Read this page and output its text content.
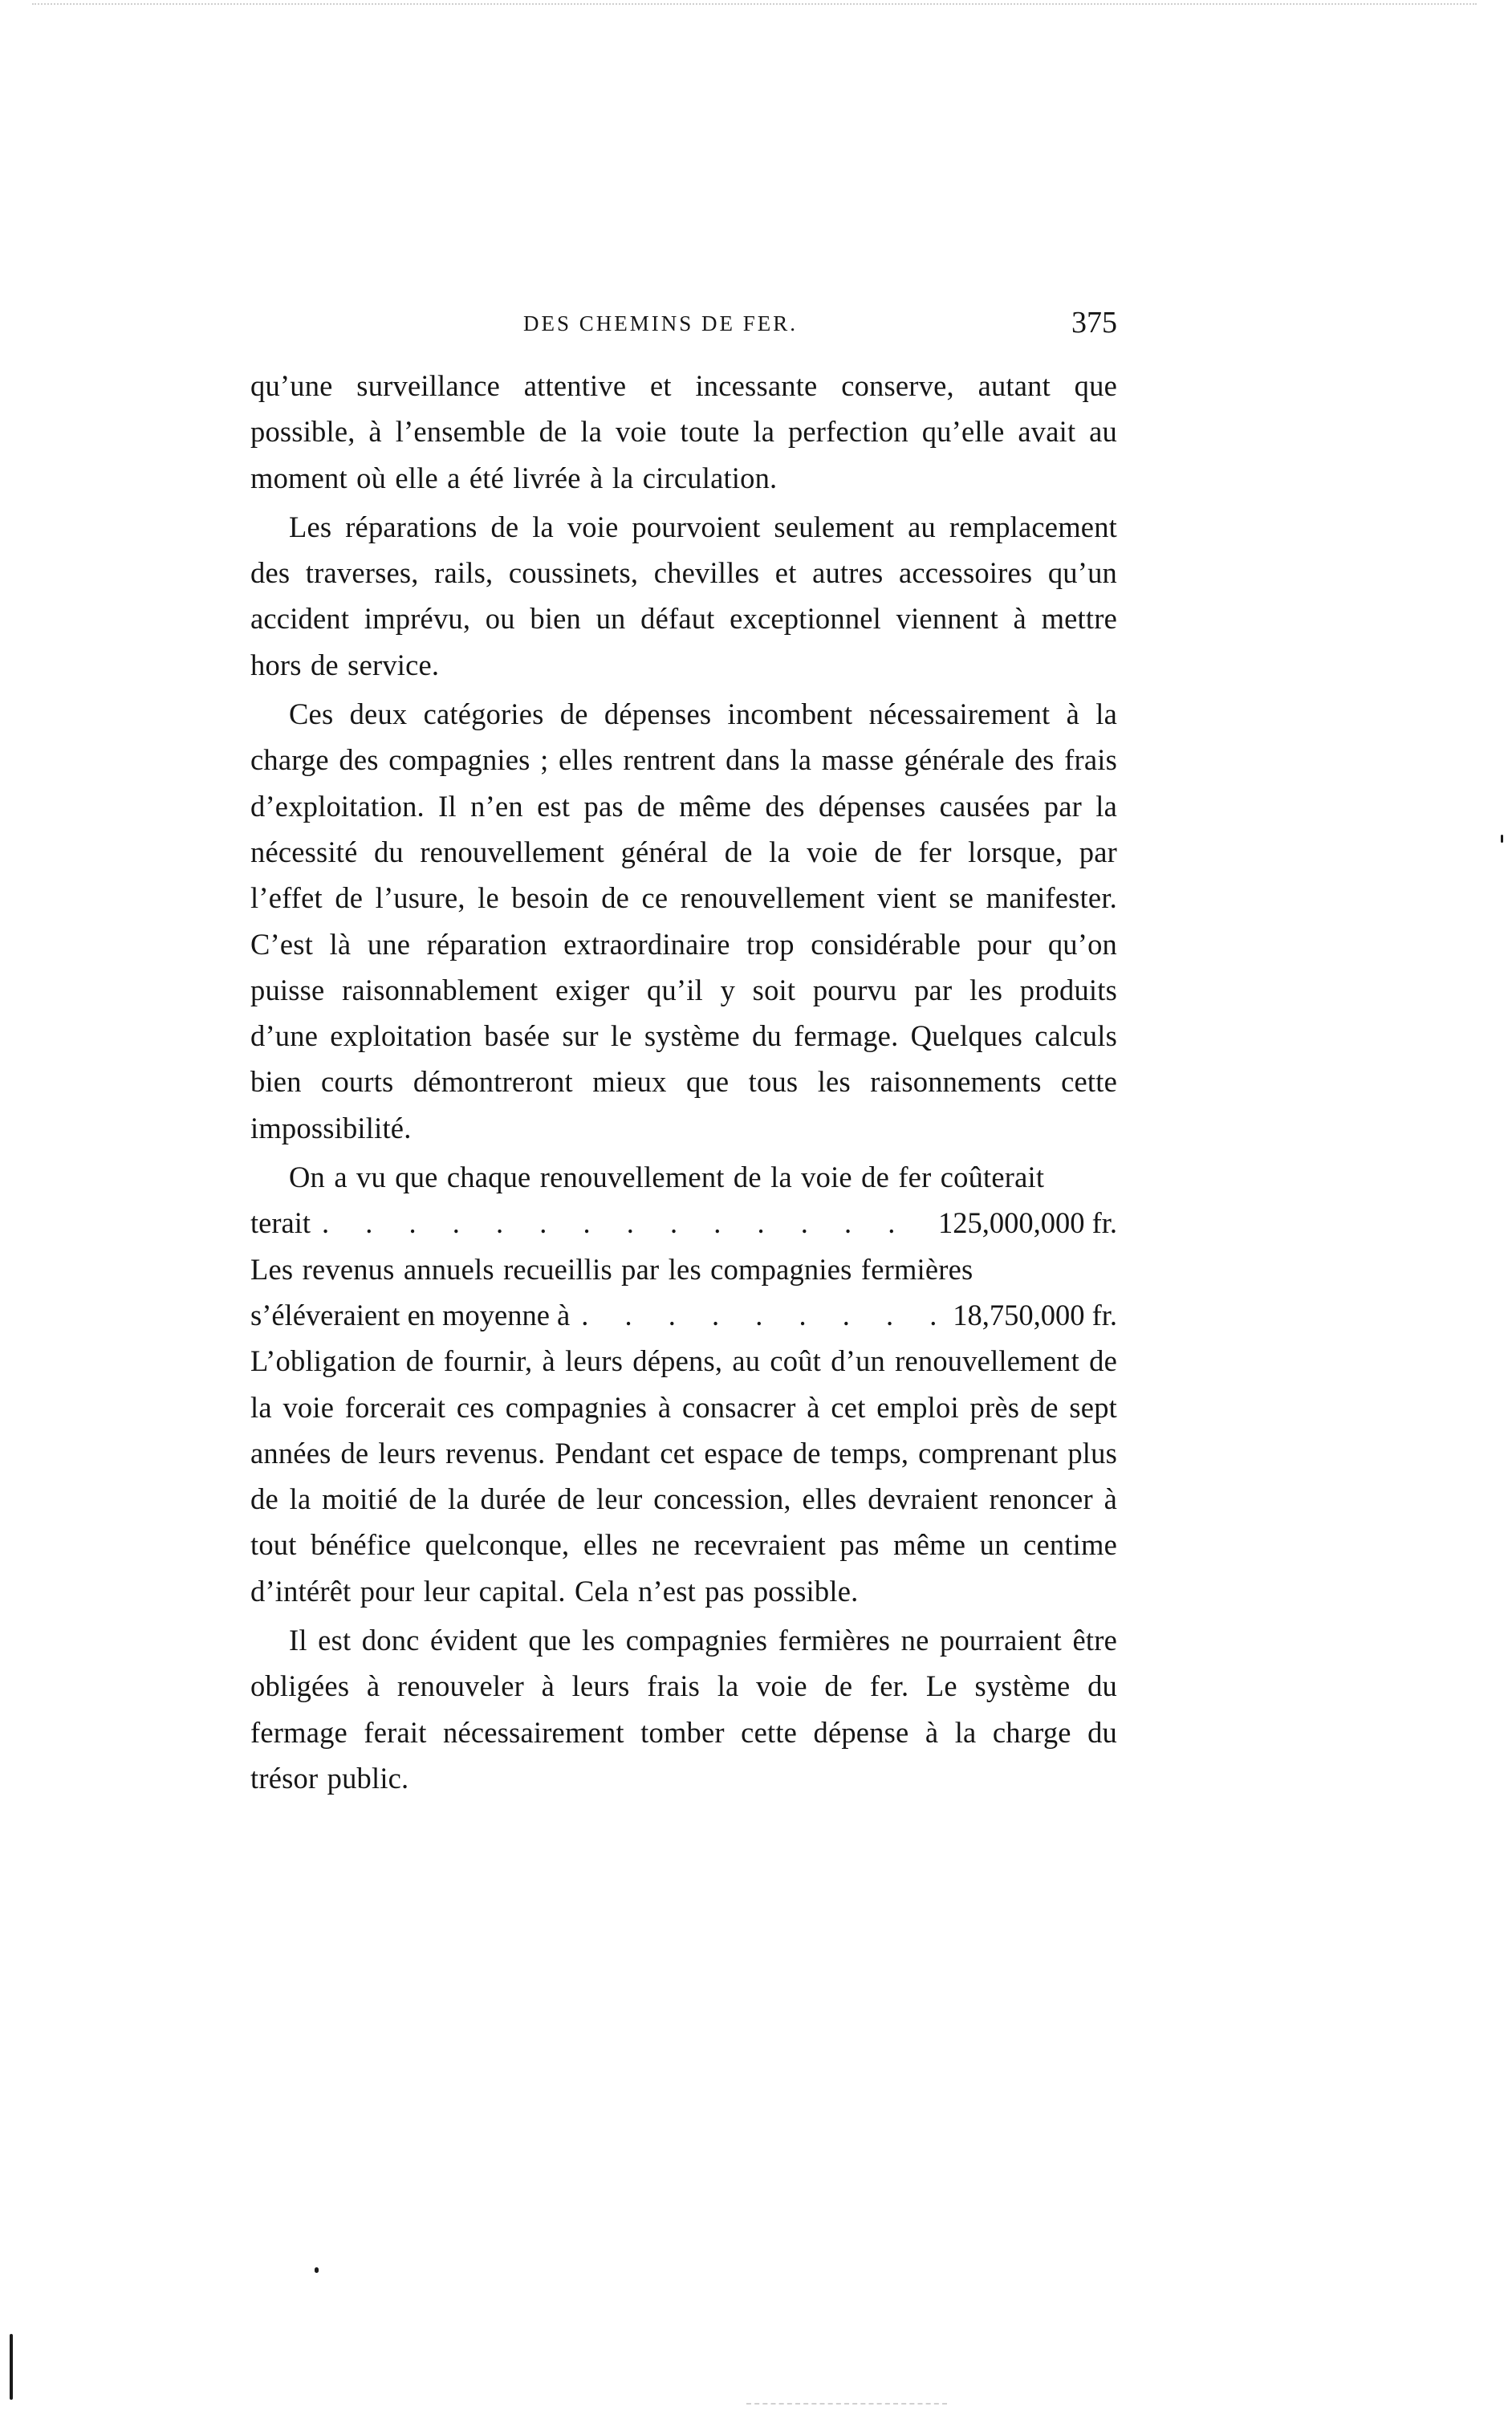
DES CHEMINS DE FER.	375

qu’une surveillance attentive et incessante conserve, autant que possible, à l’ensemble de la voie toute la perfection qu’elle avait au moment où elle a été livrée à la circulation.

Les réparations de la voie pourvoient seulement au remplacement des traverses, rails, coussinets, chevilles et autres accessoires qu’un accident imprévu, ou bien un défaut exceptionnel viennent à mettre hors de service.

Ces deux catégories de dépenses incombent nécessairement à la charge des compagnies ; elles rentrent dans la masse générale des frais d’exploitation. Il n’en est pas de même des dépenses causées par la nécessité du renouvellement général de la voie de fer lorsque, par l’effet de l’usure, le besoin de ce renouvellement vient se manifester. C’est là une réparation extraordinaire trop considérable pour qu’on puisse raisonnablement exiger qu’il y soit pourvu par les produits d’une exploitation basée sur le système du fermage. Quelques calculs bien courts démontreront mieux que tous les raisonnements cette impossibilité.

On a vu que chaque renouvellement de la voie de fer coûterait

terait . . .	125,000,000 fr.

Les revenus annuels recueillis par les compagnies fermières

s’éléveraient en moyenne à . . .	18,750,000 fr.

L’obligation de fournir, à leurs dépens, au coût d’un renouvellement de la voie forcerait ces compagnies à consacrer à cet emploi près de sept années de leurs revenus. Pendant cet espace de temps, comprenant plus de la moitié de la durée de leur concession, elles devraient renoncer à tout bénéfice quelconque, elles ne recevraient pas même un centime d’intérêt pour leur capital. Cela n’est pas possible.

Il est donc évident que les compagnies fermières ne pourraient être obligées à renouveler à leurs frais la voie de fer. Le système du fermage ferait nécessairement tomber cette dépense à la charge du trésor public.
